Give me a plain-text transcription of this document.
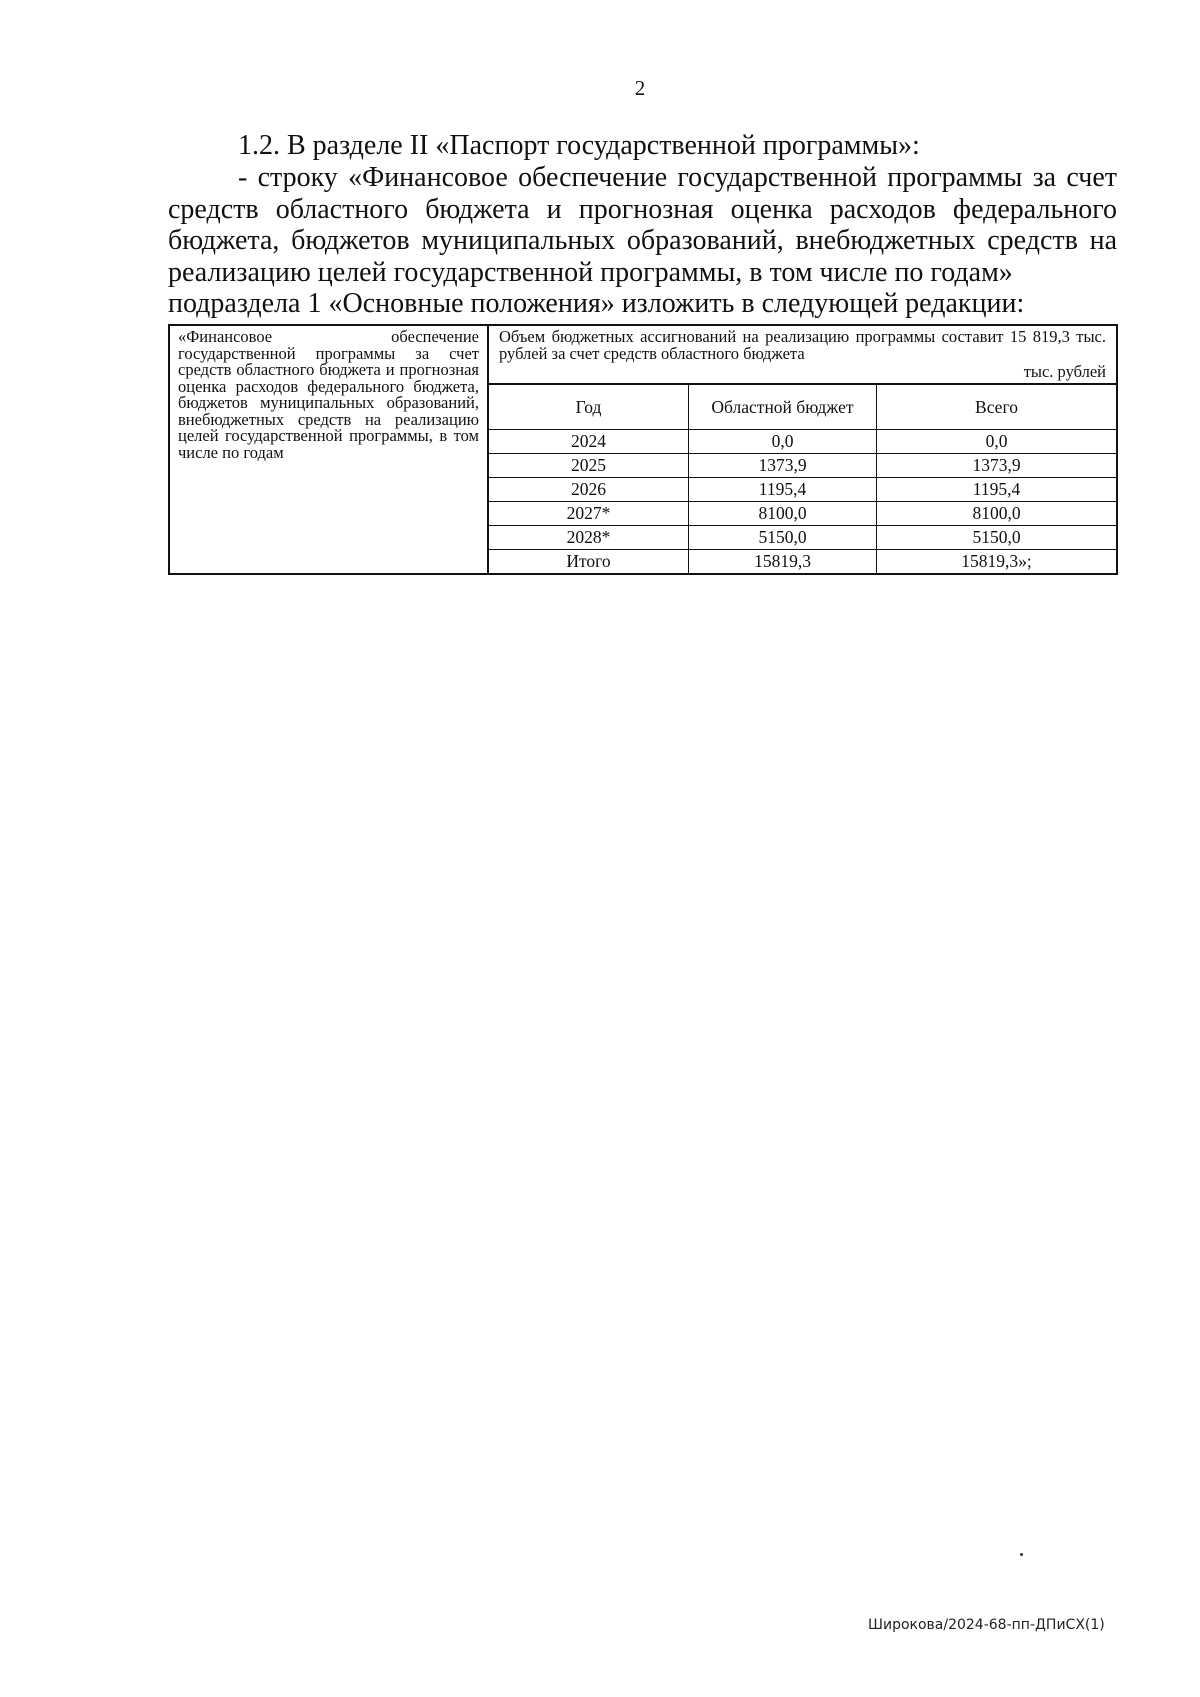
2
1.2. В разделе II «Паспорт государственной программы»:

- строку «Финансовое обеспечение государственной программы за счет средств областного бюджета и прогнозная оценка расходов федерального бюджета, бюджетов муниципальных образований, внебюджетных средств на реализацию целей государственной программы, в том числе по годам»

подраздела 1 «Основные положения» изложить в следующей редакции:

«Финансовое обеспечение государственной программы за счет средств областного бюджета и прогнозная оценка расходов федерального бюджета, бюджетов муниципальных образований, внебюджетных средств на реализацию целей государственной программы, в том числе по годам

Объем бюджетных ассигнований на реализацию программы составит 15 819,3 тыс. рублей за счет средств областного бюджета

тыс. рублей
Год	Областной бюджет	Всего
2024	0,0	0,0
2025	1373,9	1373,9
2026	1195,4	1195,4
2027*	8100,0	8100,0
2028*	5150,0	5150,0
Итого	15819,3	15819,3»;
Широкова/2024-68-пп-ДПиСХ(1)
